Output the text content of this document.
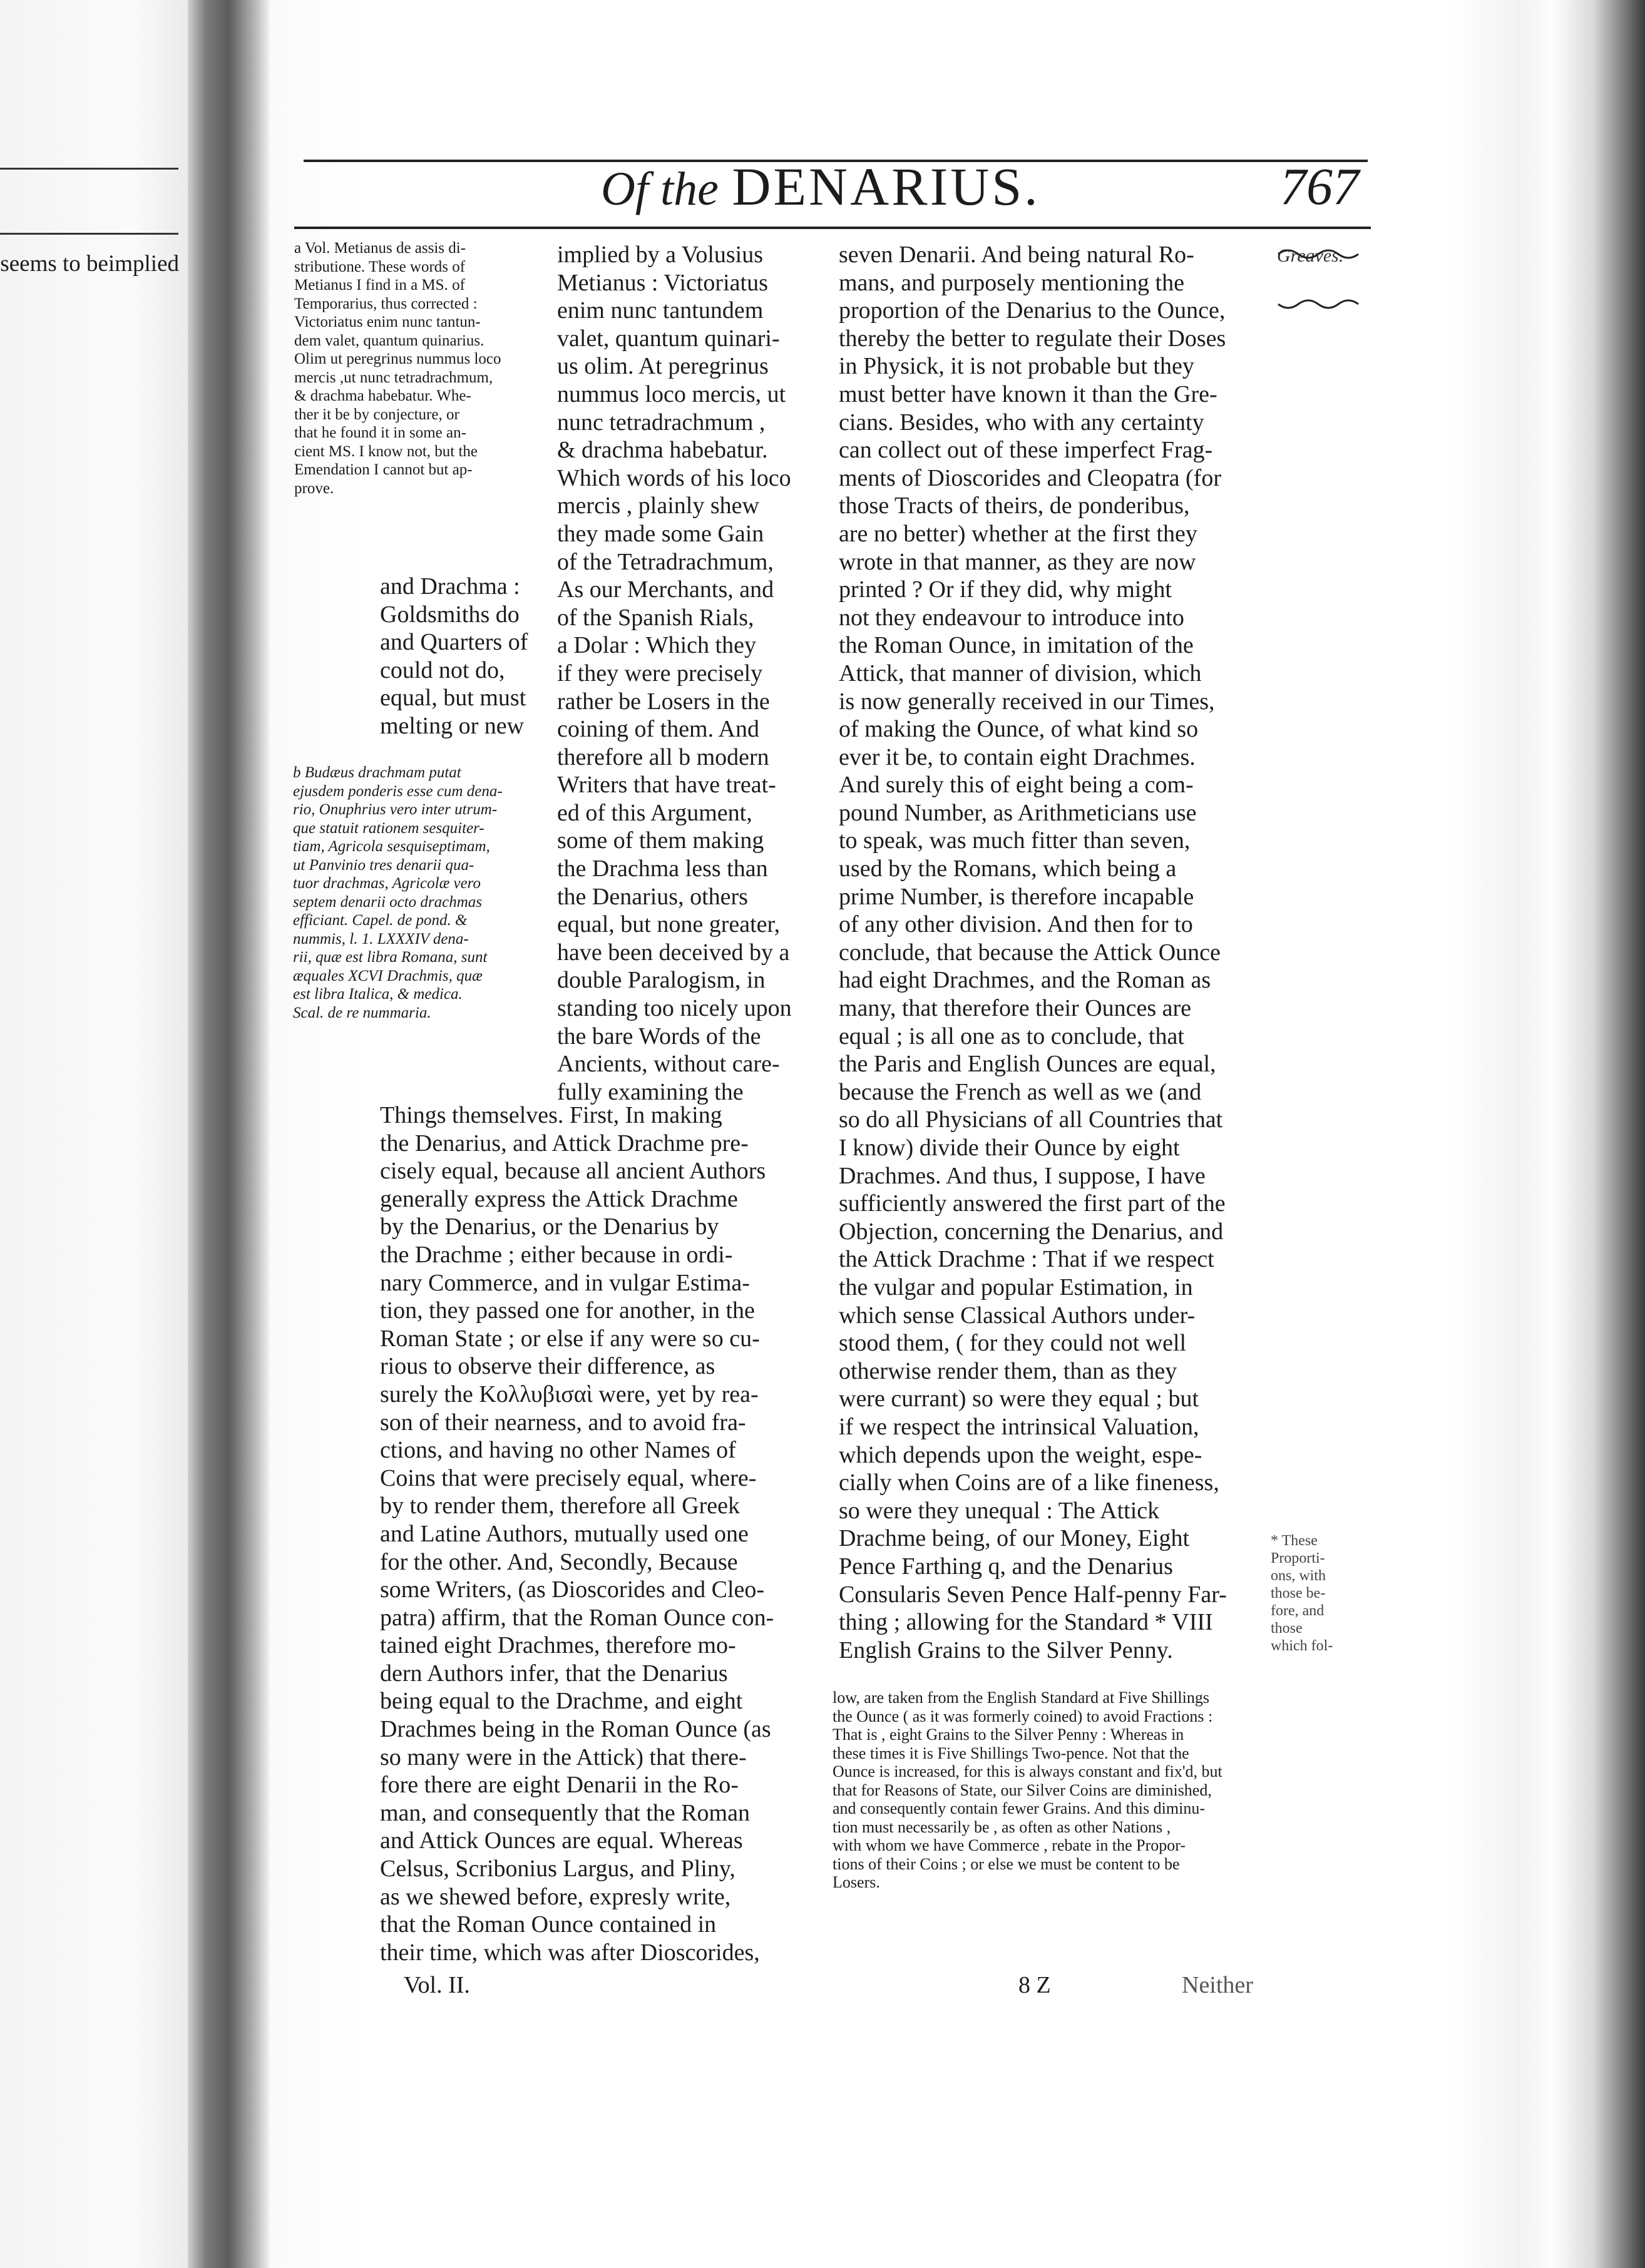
seems to beimplied
Of the DENARIUS.	767
Greaves.
a Vol. Metianus de assis di-
stributione. These words of
Metianus I find in a MS. of
Temporarius, thus corrected :
Victoriatus enim nunc tantun-
dem valet, quantum quinarius.
Olim ut peregrinus nummus loco
mercis ,ut nunc tetradrachmum,
& drachma habebatur. Whe-
ther it be by conjecture, or
that he found it in some an-
cient MS. I know not, but the
Emendation I cannot but ap-
prove.
b Budæus drachmam putat
ejusdem ponderis esse cum dena-
rio, Onuphrius vero inter utrum-
que statuit rationem sesquiter-
tiam, Agricola sesquiseptimam,
ut Panvinio tres denarii qua-
tuor drachmas, Agricolæ vero
septem denarii octo drachmas
efficiant. Capel. de pond. &
nummis, l. 1. LXXXIV dena-
rii, quæ est libra Romana, sunt
æquales XCVI Drachmis, quæ
est libra Italica, & medica.
Scal. de re nummaria.
implied by a Volusius
Metianus : Victoriatus
enim nunc tantundem
valet, quantum quinari-
us olim. At peregrinus
nummus loco mercis, ut
nunc tetradrachmum ,
& drachma habebatur.
Which words of his loco
mercis , plainly shew
they made some Gain
of the Tetradrachmum,
As our Merchants, and
of the Spanish Rials,
a Dolar : Which they
if they were precisely
rather be Losers in the
coining of them. And
therefore all b modern
Writers that have treat-
ed of this Argument,
some of them making
the Drachma less than
the Denarius, others
equal, but none greater,
have been deceived by a
double Paralogism, in
standing too nicely upon
the bare Words of the
Ancients, without care-
fully examining the
and Drachma :
Goldsmiths do
and Quarters of
could not do,
equal, but must
melting or new
Things themselves. First, In making
the Denarius, and Attick Drachme pre-
cisely equal, because all ancient Authors
generally express the Attick Drachme
by the Denarius, or the Denarius by
the Drachme ; either because in ordi-
nary Commerce, and in vulgar Estima-
tion, they passed one for another, in the
Roman State ; or else if any were so cu-
rious to observe their difference, as
surely the Κολλυβισαὶ were, yet by rea-
son of their nearness, and to avoid fra-
ctions, and having no other Names of
Coins that were precisely equal, where-
by to render them, therefore all Greek
and Latine Authors, mutually used one
for the other. And, Secondly, Because
some Writers, (as Dioscorides and Cleo-
patra) affirm, that the Roman Ounce con-
tained eight Drachmes, therefore mo-
dern Authors infer, that the Denarius
being equal to the Drachme, and eight
Drachmes being in the Roman Ounce (as
so many were in the Attick) that there-
fore there are eight Denarii in the Ro-
man, and consequently that the Roman
and Attick Ounces are equal. Whereas
Celsus, Scribonius Largus, and Pliny,
as we shewed before, expresly write,
that the Roman Ounce contained in
their time, which was after Dioscorides,
seven Denarii. And being natural Ro-
mans, and purposely mentioning the
proportion of the Denarius to the Ounce,
thereby the better to regulate their Doses
in Physick, it is not probable but they
must better have known it than the Gre-
cians. Besides, who with any certainty
can collect out of these imperfect Frag-
ments of Dioscorides and Cleopatra (for
those Tracts of theirs, de ponderibus,
are no better) whether at the first they
wrote in that manner, as they are now
printed ? Or if they did, why might
not they endeavour to introduce into
the Roman Ounce, in imitation of the
Attick, that manner of division, which
is now generally received in our Times,
of making the Ounce, of what kind so
ever it be, to contain eight Drachmes.
And surely this of eight being a com-
pound Number, as Arithmeticians use
to speak, was much fitter than seven,
used by the Romans, which being a
prime Number, is therefore incapable
of any other division. And then for to
conclude, that because the Attick Ounce
had eight Drachmes, and the Roman as
many, that therefore their Ounces are
equal ; is all one as to conclude, that
the Paris and English Ounces are equal,
because the French as well as we (and
so do all Physicians of all Countries that
I know) divide their Ounce by eight
Drachmes. And thus, I suppose, I have
sufficiently answered the first part of the
Objection, concerning the Denarius, and
the Attick Drachme : That if we respect
the vulgar and popular Estimation, in
which sense Classical Authors under-
stood them, ( for they could not well
otherwise render them, than as they
were currant) so were they equal ; but
if we respect the intrinsical Valuation,
which depends upon the weight, espe-
cially when Coins are of a like fineness,
so were they unequal : The Attick
Drachme being, of our Money, Eight
Pence Farthing q, and the Denarius
Consularis Seven Pence Half-penny Far-
thing ; allowing for the Standard * VIII
English Grains to the Silver Penny.
* These
Proporti-
ons, with
those be-
fore, and
those
which fol-
low, are taken from the English Standard at Five Shillings
the Ounce ( as it was formerly coined) to avoid Fractions :
That is , eight Grains to the Silver Penny : Whereas in
these times it is Five Shillings Two-pence. Not that the
Ounce is increased, for this is always constant and fix'd, but
that for Reasons of State, our Silver Coins are diminished,
and consequently contain fewer Grains. And this diminu-
tion must necessarily be , as often as other Nations ,
with whom we have Commerce , rebate in the Propor-
tions of their Coins ; or else we must be content to be
Losers.
Vol. II.	8 Z	Neither
